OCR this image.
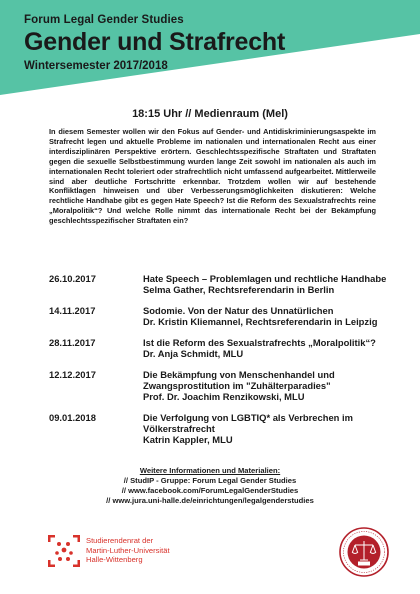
Forum Legal Gender Studies
Gender und Strafrecht
Wintersemester 2017/2018
18:15 Uhr // Medienraum (Mel)
In diesem Semester wollen wir den Fokus auf Gender- und Antidiskriminierungsaspekte im Strafrecht legen und aktuelle Probleme im nationalen und internationalen Recht aus einer interdisziplinären Perspektive erörtern. Geschlechtsspezifische Straftaten und Straftaten gegen die sexuelle Selbstbestimmung wurden lange Zeit sowohl im nationalen als auch im internationalen Recht toleriert oder strafrechtlich nicht umfassend aufgearbeitet. Mittlerweile sind aber deutliche Fortschritte erkennbar. Trotzdem wollen wir auf bestehende Konfliktlagen hinweisen und über Verbesserungsmöglichkeiten diskutieren: Welche rechtliche Handhabe gibt es gegen Hate Speech? Ist die Reform des Sexualstrafrechts reine „Moralpolitik“? Und welche Rolle nimmt das internationale Recht bei der Bekämpfung geschlechtsspezifischer Straftaten ein?
26.10.2017	Hate Speech – Problemlagen und rechtliche Handhabe
Selma Gather, Rechtsreferendarin in Berlin
14.11.2017	Sodomie. Von der Natur des Unnatürlichen
Dr. Kristin Kliemannel, Rechtsreferendarin in Leipzig
28.11.2017	Ist die Reform des Sexualstrafrechts „Moralpolitik“?
Dr. Anja Schmidt, MLU
12.12.2017	Die Bekämpfung von Menschenhandel und
Zwangsprostitution im "Zuhälterparadies"
Prof. Dr. Joachim Renzikowski, MLU
09.01.2018	Die Verfolgung von LGBTIQ* als Verbrechen im
Völkerstrafrecht
Katrin Kappler, MLU
Weitere Informationen und Materialien:
// StudIP - Gruppe: Forum Legal Gender Studies
// www.facebook.com/ForumLegalGenderStudies
// www.jura.uni-halle.de/einrichtungen/legalgenderstudies
Studierendenrat der
Martin-Luther-Universität
Halle-Wittenberg
